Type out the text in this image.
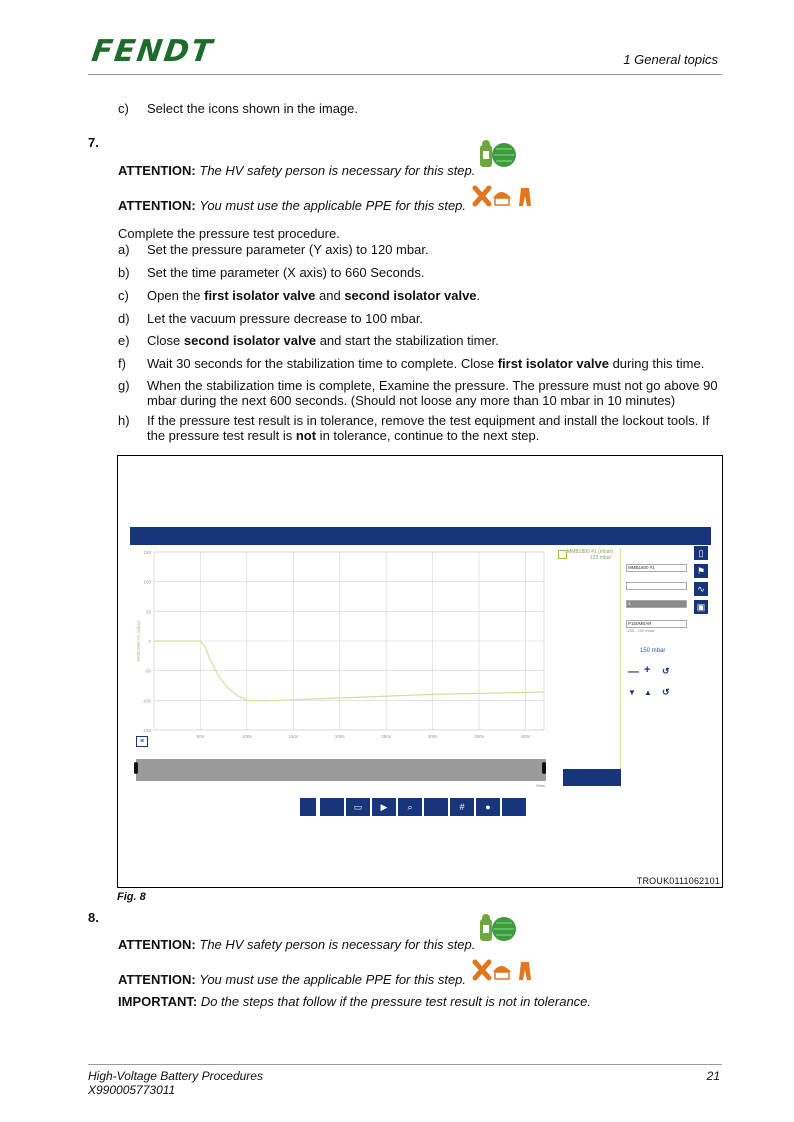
FENDT	1 General topics
c)	Select the icons shown in the image.
7.
ATTENTION: The HV safety person is necessary for this step.
ATTENTION: You must use the applicable PPE for this step.
Complete the pressure test procedure.
a)	Set the pressure parameter (Y axis) to 120 mbar.
b)	Set the time parameter (X axis) to 660 Seconds.
c)	Open the first isolator valve and second isolator valve.
d)	Let the vacuum pressure decrease to 100 mbar.
e)	Close second isolator valve and start the stabilization timer.
f)	Wait 30 seconds for the stabilization time to complete. Close first isolator valve during this time.
g)	When the stabilization time is complete, Examine the pressure. The pressure must not go above 90 mbar during the next 600 seconds. (Should not loose any more than 10 mbar in 10 minutes)
h)	If the pressure test result is in tolerance, remove the test equipment and install the lockout tools. If the pressure test result is not in tolerance, continue to the next step.
150
100
50
0
-50
-100
-150
50s	100s	150s	200s	250s	300s	350s	400s
MMB1800 #1 (mbar)
≡
Secs
MMB1800 #1 (mbar)
123 mbar
MMB1800 #1
1
P150MBAR
-150...150 mbar
150 mbar
— + ↺
▼ ▲ ↺
▯
⚑
∿
▣
▭	▶	⌕	#	●
TROUK0111062101
Fig. 8
8.
ATTENTION: The HV safety person is necessary for this step.
ATTENTION: You must use the applicable PPE for this step.
IMPORTANT: Do the steps that follow if the pressure test result is not in tolerance.
High-Voltage Battery Procedures
X990005773011
21
